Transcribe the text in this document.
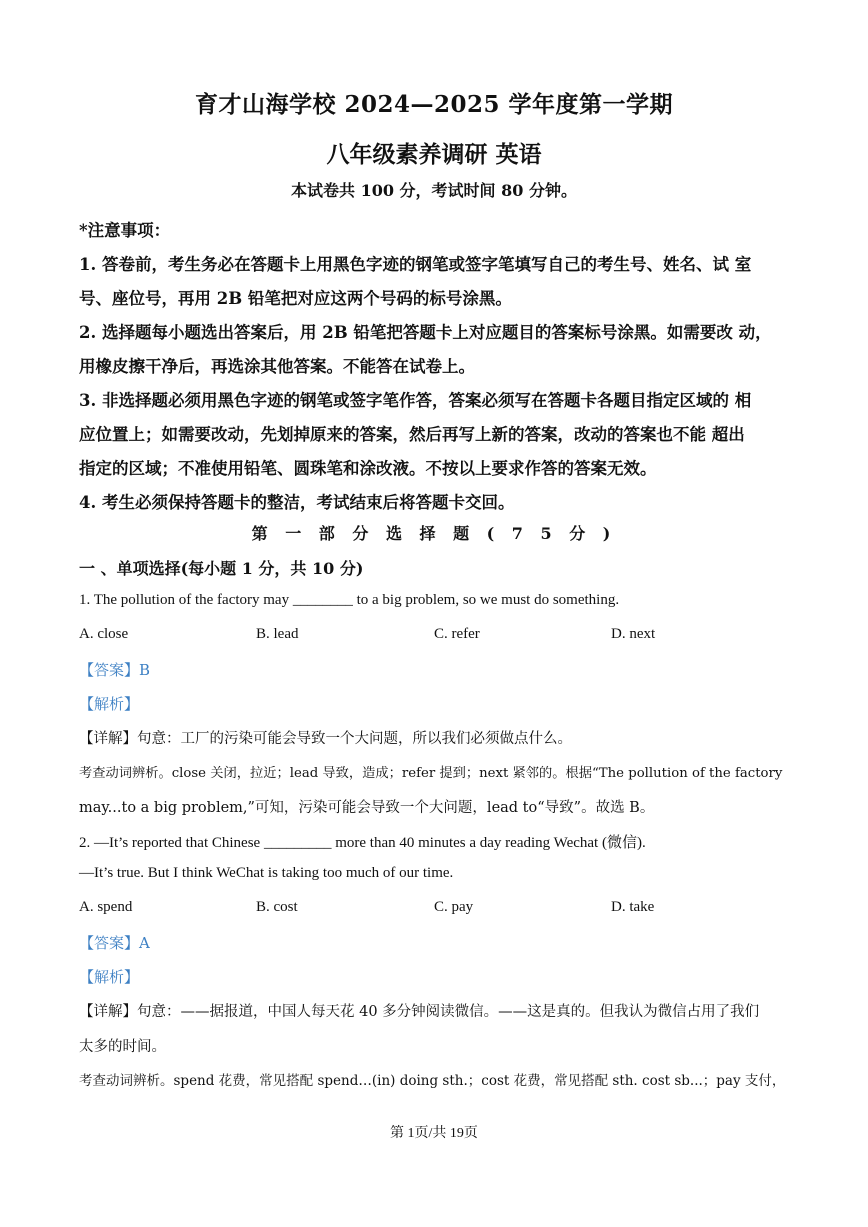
育才山海学校 2024—2025 学年度第一学期
八年级素养调研 英语
本试卷共 100 分，考试时间 80 分钟。
*注意事项：
1. 答卷前，考生务必在答题卡上用黑色字迹的钢笔或签字笔填写自己的考生号、姓名、试 室
号、座位号，再用 2B 铅笔把对应这两个号码的标号涂黑。
2. 选择题每小题选出答案后，用 2B 铅笔把答题卡上对应题目的答案标号涂黑。如需要改 动，
用橡皮擦干净后，再选涂其他答案。不能答在试卷上。
3. 非选择题必须用黑色字迹的钢笔或签字笔作答，答案必须写在答题卡各题目指定区域的 相
应位置上；如需要改动，先划掉原来的答案，然后再写上新的答案，改动的答案也不能 超出
指定的区域；不准使用铅笔、圆珠笔和涂改液。不按以上要求作答的答案无效。
4. 考生必须保持答题卡的整洁，考试结束后将答题卡交回。
第 一 部 分 选 择 题 ( 7 5 分 )
一 、单项选择(每小题 1 分，共 10 分)
1. The pollution of the factory may ________ to a big problem, so we must do something.
A. close	B. lead	C. refer	D. next
【答案】B
【解析】
【详解】句意：工厂的污染可能会导致一个大问题，所以我们必须做点什么。
考查动词辨析。close 关闭，拉近；lead 导致，造成；refer 提到；next 紧邻的。根据“The pollution of the factory
may...to a big problem,”可知，污染可能会导致一个大问题，lead to“导致”。故选 B。
2. —It’s reported that Chinese _________ more than 40 minutes a day reading Wechat (微信).
—It’s true. But I think WeChat is taking too much of our time.
A. spend	B. cost	C. pay	D. take
【答案】A
【解析】
【详解】句意：——据报道，中国人每天花 40 多分钟阅读微信。——这是真的。但我认为微信占用了我们
太多的时间。
考查动词辨析。spend 花费，常见搭配 spend…(in) doing sth.；cost 花费，常见搭配 sth. cost sb...；pay 支付，
第 1页/共 19页
